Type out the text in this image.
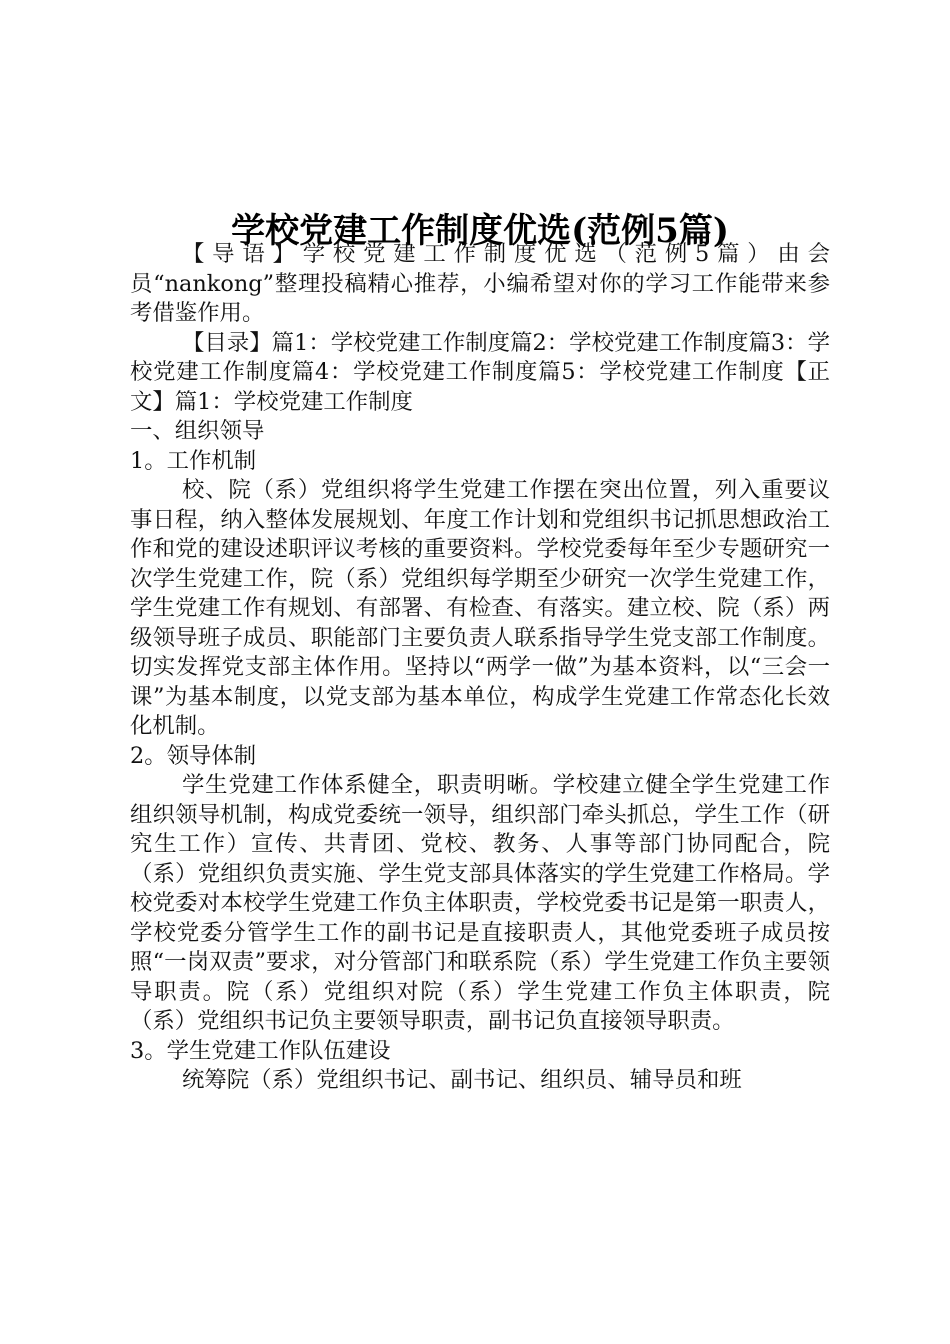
学校党建工作制度优选(范例5篇)

【导语】学校党建工作制度优选（范例5篇）由会员“nankong”整理投稿精心推荐，小编希望对你的学习工作能带来参考借鉴作用。

【目录】篇1：学校党建工作制度篇2：学校党建工作制度篇3：学校党建工作制度篇4：学校党建工作制度篇5：学校党建工作制度【正文】篇1：学校党建工作制度

一、组织领导

1。工作机制

校、院（系）党组织将学生党建工作摆在突出位置，列入重要议事日程，纳入整体发展规划、年度工作计划和党组织书记抓思想政治工作和党的建设述职评议考核的重要资料。学校党委每年至少专题研究一次学生党建工作，院（系）党组织每学期至少研究一次学生党建工作，学生党建工作有规划、有部署、有检查、有落实。建立校、院（系）两级领导班子成员、职能部门主要负责人联系指导学生党支部工作制度。切实发挥党支部主体作用。坚持以“两学一做”为基本资料，以“三会一课”为基本制度，以党支部为基本单位，构成学生党建工作常态化长效化机制。

2。领导体制

学生党建工作体系健全，职责明晰。学校建立健全学生党建工作组织领导机制，构成党委统一领导，组织部门牵头抓总，学生工作（研究生工作）宣传、共青团、党校、教务、人事等部门协同配合，院（系）党组织负责实施、学生党支部具体落实的学生党建工作格局。学校党委对本校学生党建工作负主体职责，学校党委书记是第一职责人，学校党委分管学生工作的副书记是直接职责人，其他党委班子成员按照“一岗双责”要求，对分管部门和联系院（系）学生党建工作负主要领导职责。院（系）党组织对院（系）学生党建工作负主体职责，院（系）党组织书记负主要领导职责，副书记负直接领导职责。

3。学生党建工作队伍建设

统筹院（系）党组织书记、副书记、组织员、辅导员和班
